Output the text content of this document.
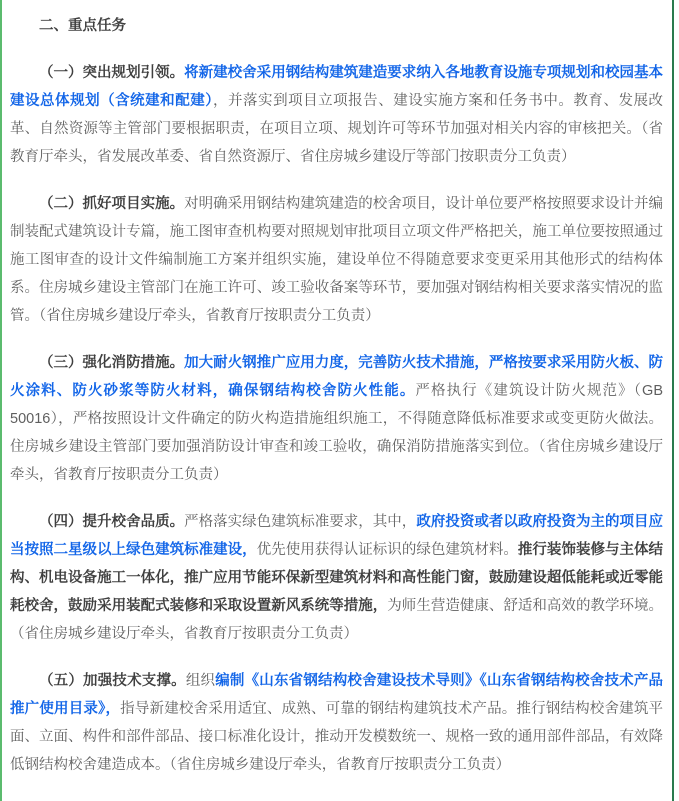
二、重点任务

（一）突出规划引领。将新建校舍采用钢结构建筑建造要求纳入各地教育设施专项规划和校园基本建设总体规划（含统建和配建），并落实到项目立项报告、建设实施方案和任务书中。教育、发展改革、自然资源等主管部门要根据职责，在项目立项、规划许可等环节加强对相关内容的审核把关。（省教育厅牵头，省发展改革委、省自然资源厅、省住房城乡建设厅等部门按职责分工负责）

（二）抓好项目实施。对明确采用钢结构建筑建造的校舍项目，设计单位要严格按照要求设计并编制装配式建筑设计专篇，施工图审查机构要对照规划审批项目立项文件严格把关，施工单位要按照通过施工图审查的设计文件编制施工方案并组织实施，建设单位不得随意要求变更采用其他形式的结构体系。住房城乡建设主管部门在施工许可、竣工验收备案等环节，要加强对钢结构相关要求落实情况的监管。（省住房城乡建设厅牵头，省教育厅按职责分工负责）

（三）强化消防措施。加大耐火钢推广应用力度，完善防火技术措施，严格按要求采用防火板、防火涂料、防火砂浆等防火材料，确保钢结构校舍防火性能。严格执行《建筑设计防火规范》（GB 50016），严格按照设计文件确定的防火构造措施组织施工，不得随意降低标准要求或变更防火做法。住房城乡建设主管部门要加强消防设计审查和竣工验收，确保消防措施落实到位。（省住房城乡建设厅牵头，省教育厅按职责分工负责）

（四）提升校舍品质。严格落实绿色建筑标准要求，其中，政府投资或者以政府投资为主的项目应当按照二星级以上绿色建筑标准建设，优先使用获得认证标识的绿色建筑材料。推行装饰装修与主体结构、机电设备施工一体化，推广应用节能环保新型建筑材料和高性能门窗，鼓励建设超低能耗或近零能耗校舍，鼓励采用装配式装修和采取设置新风系统等措施，为师生营造健康、舒适和高效的教学环境。（省住房城乡建设厅牵头，省教育厅按职责分工负责）

（五）加强技术支撑。组织编制《山东省钢结构校舍建设技术导则》《山东省钢结构校舍技术产品推广使用目录》，指导新建校舍采用适宜、成熟、可靠的钢结构建筑技术产品。推行钢结构校舍建筑平面、立面、构件和部件部品、接口标准化设计，推动开发模数统一、规格一致的通用部件部品，有效降低钢结构校舍建造成本。（省住房城乡建设厅牵头，省教育厅按职责分工负责）
